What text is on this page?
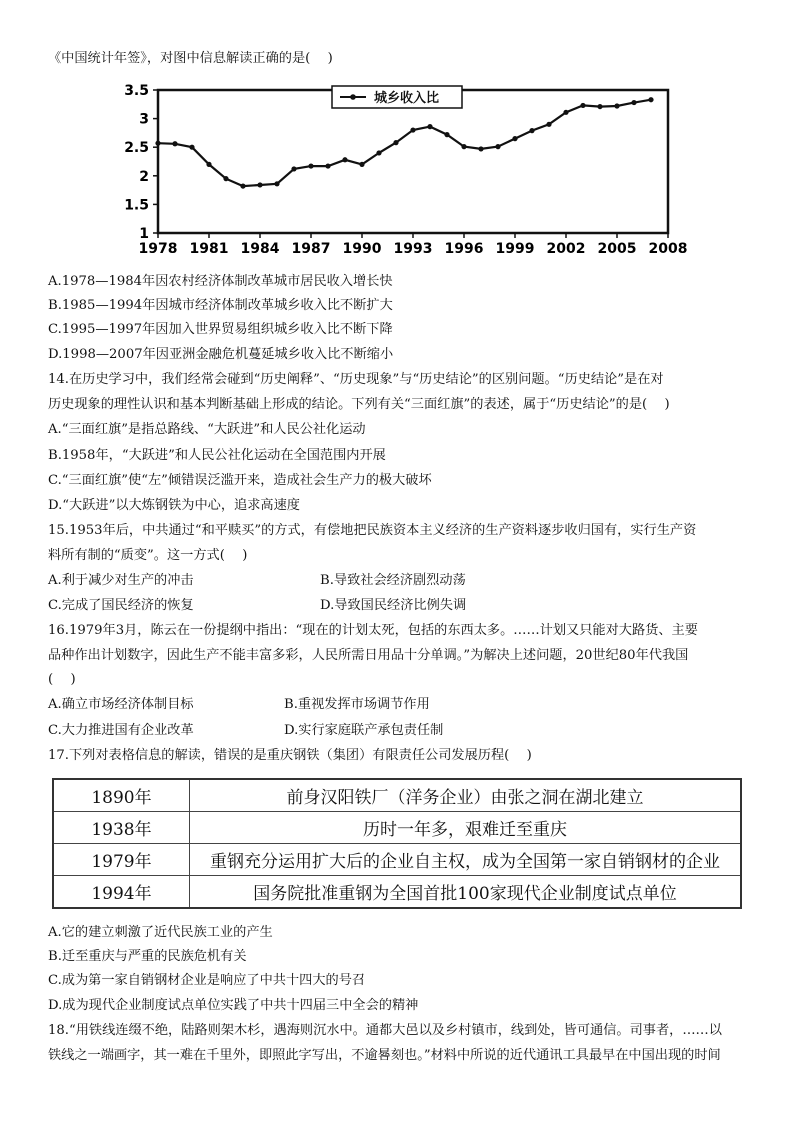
《中国统计年签》，对图中信息解读正确的是(　 )
城乡收入比
1
1.5
2
2.5
3
3.5
1978 1981 1984 1987 1990 1993 1996 1999 2002 2005 2008
A.1978—1984年因农村经济体制改革城市居民收入增长快
B.1985—1994年因城市经济体制改革城乡收入比不断扩大
C.1995—1997年因加入世界贸易组织城乡收入比不断下降
D.1998—2007年因亚洲金融危机蔓延城乡收入比不断缩小
14.在历史学习中，我们经常会碰到“历史阐释”、“历史现象”与“历史结论”的区别问题。“历史结论”是在对
历史现象的理性认识和基本判断基础上形成的结论。下列有关“三面红旗”的表述，属于“历史结论”的是(　 )
A.“三面红旗”是指总路线、“大跃进”和人民公社化运动
B.1958年，“大跃进”和人民公社化运动在全国范围内开展
C.“三面红旗”使“左”倾错误泛滥开来，造成社会生产力的极大破坏
D.“大跃进”以大炼钢铁为中心，追求高速度
15.1953年后，中共通过“和平赎买”的方式，有偿地把民族资本主义经济的生产资料逐步收归国有，实行生产资
料所有制的“质变”。这一方式(　 )
A.利于减少对生产的冲击	B.导致社会经济剧烈动荡
C.完成了国民经济的恢复	D.导致国民经济比例失调
16.1979年3月，陈云在一份提纲中指出：“现在的计划太死，包括的东西太多。……计划又只能对大路货、主要
品种作出计划数字，因此生产不能丰富多彩，人民所需日用品十分单调。”为解决上述问题，20世纪80年代我国
(　 )
A.确立市场经济体制目标	B.重视发挥市场调节作用
C.大力推进国有企业改革	D.实行家庭联产承包责任制
17.下列对表格信息的解读，错误的是重庆钢铁（集团）有限责任公司发展历程(　 )
1890年	前身汉阳铁厂（洋务企业）由张之洞在湖北建立
1938年	历时一年多，艰难迁至重庆
1979年	重钢充分运用扩大后的企业自主权，成为全国第一家自销钢材的企业
1994年	国务院批准重钢为全国首批100家现代企业制度试点单位
A.它的建立刺激了近代民族工业的产生
B.迁至重庆与严重的民族危机有关
C.成为第一家自销钢材企业是响应了中共十四大的号召
D.成为现代企业制度试点单位实践了中共十四届三中全会的精神
18.“用铁线连缀不绝，陆路则架木杉，遇海则沉水中。通都大邑以及乡村镇市，线到处，皆可通信。司事者，……以
铁线之一端画字，其一难在千里外，即照此字写出，不逾晷刻也。”材料中所说的近代通讯工具最早在中国出现的时间
